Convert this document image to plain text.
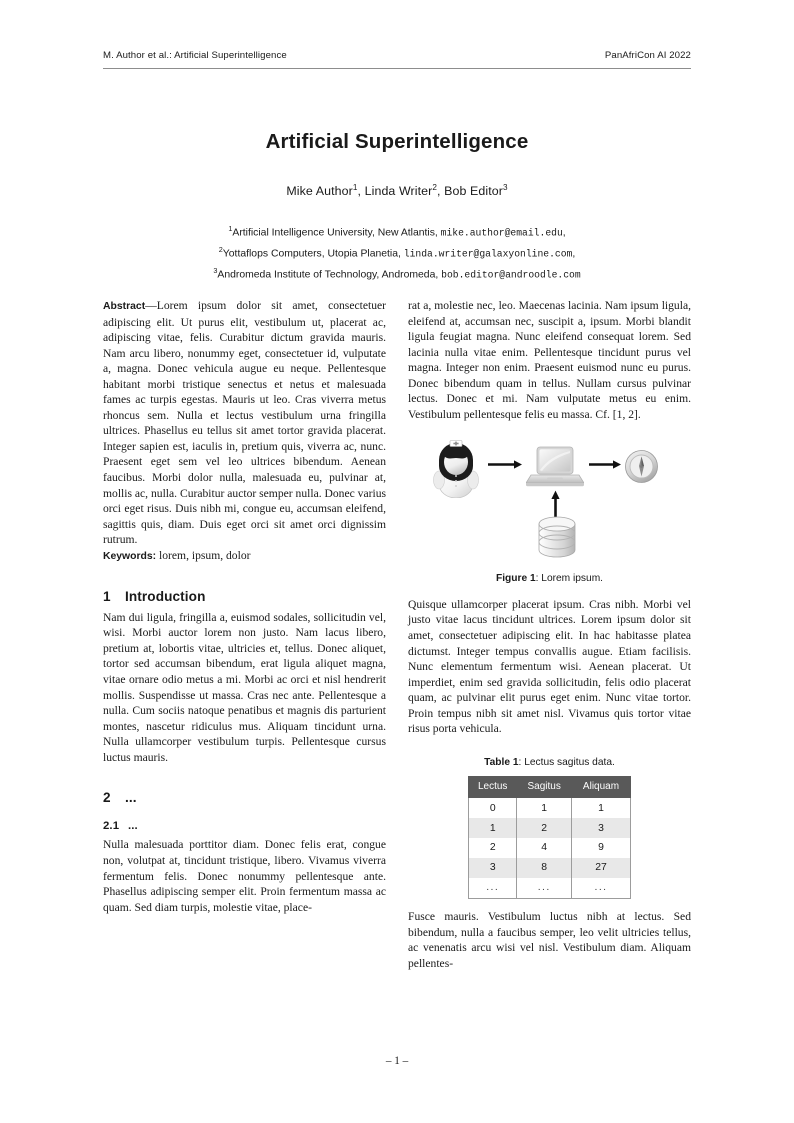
M. Author et al.: Artificial Superintelligence	PanAfriCon AI 2022
Artificial Superintelligence
Mike Author$^1$, Linda Writer$^2$, Bob Editor$^3$
$^1$Artificial Intelligence University, New Atlantis, mike.author@email.edu,
$^2$Yottaflops Computers, Utopia Planetia, linda.writer@galaxyonline.com,
$^3$Andromeda Institute of Technology, Andromeda, bob.editor@androodle.com

Abstract—Lorem ipsum dolor sit amet, consectetuer adipiscing elit. Ut purus elit, vestibulum ut, placerat ac, adipiscing vitae, felis. Curabitur dictum gravida mauris. Nam arcu libero, nonummy eget, consectetuer id, vulputate a, magna. Donec vehicula augue eu neque. Pellentesque habitant morbi tristique senectus et netus et malesuada fames ac turpis egestas. Mauris ut leo. Cras viverra metus rhoncus sem. Nulla et lectus vestibulum urna fringilla ultrices. Phasellus eu tellus sit amet tortor gravida placerat. Integer sapien est, iaculis in, pretium quis, viverra ac, nunc. Praesent eget sem vel leo ultrices bibendum. Aenean faucibus. Morbi dolor nulla, malesuada eu, pulvinar at, mollis ac, nulla. Curabitur auctor semper nulla. Donec varius orci eget risus. Duis nibh mi, congue eu, accumsan eleifend, sagittis quis, diam. Duis eget orci sit amet orci dignissim rutrum.

Keywords: lorem, ipsum, dolor

1 Introduction

Nam dui ligula, fringilla a, euismod sodales, sollicitudin vel, wisi. Morbi auctor lorem non justo. Nam lacus libero, pretium at, lobortis vitae, ultricies et, tellus. Donec aliquet, tortor sed accumsan bibendum, erat ligula aliquet magna, vitae ornare odio metus a mi. Morbi ac orci et nisl hendrerit mollis. Suspendisse ut massa. Cras nec ante. Pellentesque a nulla. Cum sociis natoque penatibus et magnis dis parturient montes, nascetur ridiculus mus. Aliquam tincidunt urna. Nulla ullamcorper vestibulum turpis. Pellentesque cursus luctus mauris.

2 ...
2.1 ...

Nulla malesuada porttitor diam. Donec felis erat, congue non, volutpat at, tincidunt tristique, libero. Vivamus viverra fermentum felis. Donec nonummy pellentesque ante. Phasellus adipiscing semper elit. Proin fermentum massa ac quam. Sed diam turpis, molestie vitae, place-

rat a, molestie nec, leo. Maecenas lacinia. Nam ipsum ligula, eleifend at, accumsan nec, suscipit a, ipsum. Morbi blandit ligula feugiat magna. Nunc eleifend consequat lorem. Sed lacinia nulla vitae enim. Pellentesque tincidunt purus vel magna. Integer non enim. Praesent euismod nunc eu purus. Donec bibendum quam in tellus. Nullam cursus pulvinar lectus. Donec et mi. Nam vulputate metus eu enim. Vestibulum pellentesque felis eu massa. Cf. [1, 2].

Figure 1: Lorem ipsum.

Quisque ullamcorper placerat ipsum. Cras nibh. Morbi vel justo vitae lacus tincidunt ultrices. Lorem ipsum dolor sit amet, consectetuer adipiscing elit. In hac habitasse platea dictumst. Integer tempus convallis augue. Etiam facilisis. Nunc elementum fermentum wisi. Aenean placerat. Ut imperdiet, enim sed gravida sollicitudin, felis odio placerat quam, ac pulvinar elit purus eget enim. Nunc vitae tortor. Proin tempus nibh sit amet nisl. Vivamus quis tortor vitae risus porta vehicula.

Table 1: Lectus sagitus data.
Lectus	Sagitus	Aliquam
0	1	1
1	2	3
2	4	9
3	8	27
...	...	...

Fusce mauris. Vestibulum luctus nibh at lectus. Sed bibendum, nulla a faucibus semper, leo velit ultricies tellus, ac venenatis arcu wisi vel nisl. Vestibulum diam. Aliquam pellentes-

– 1 –
